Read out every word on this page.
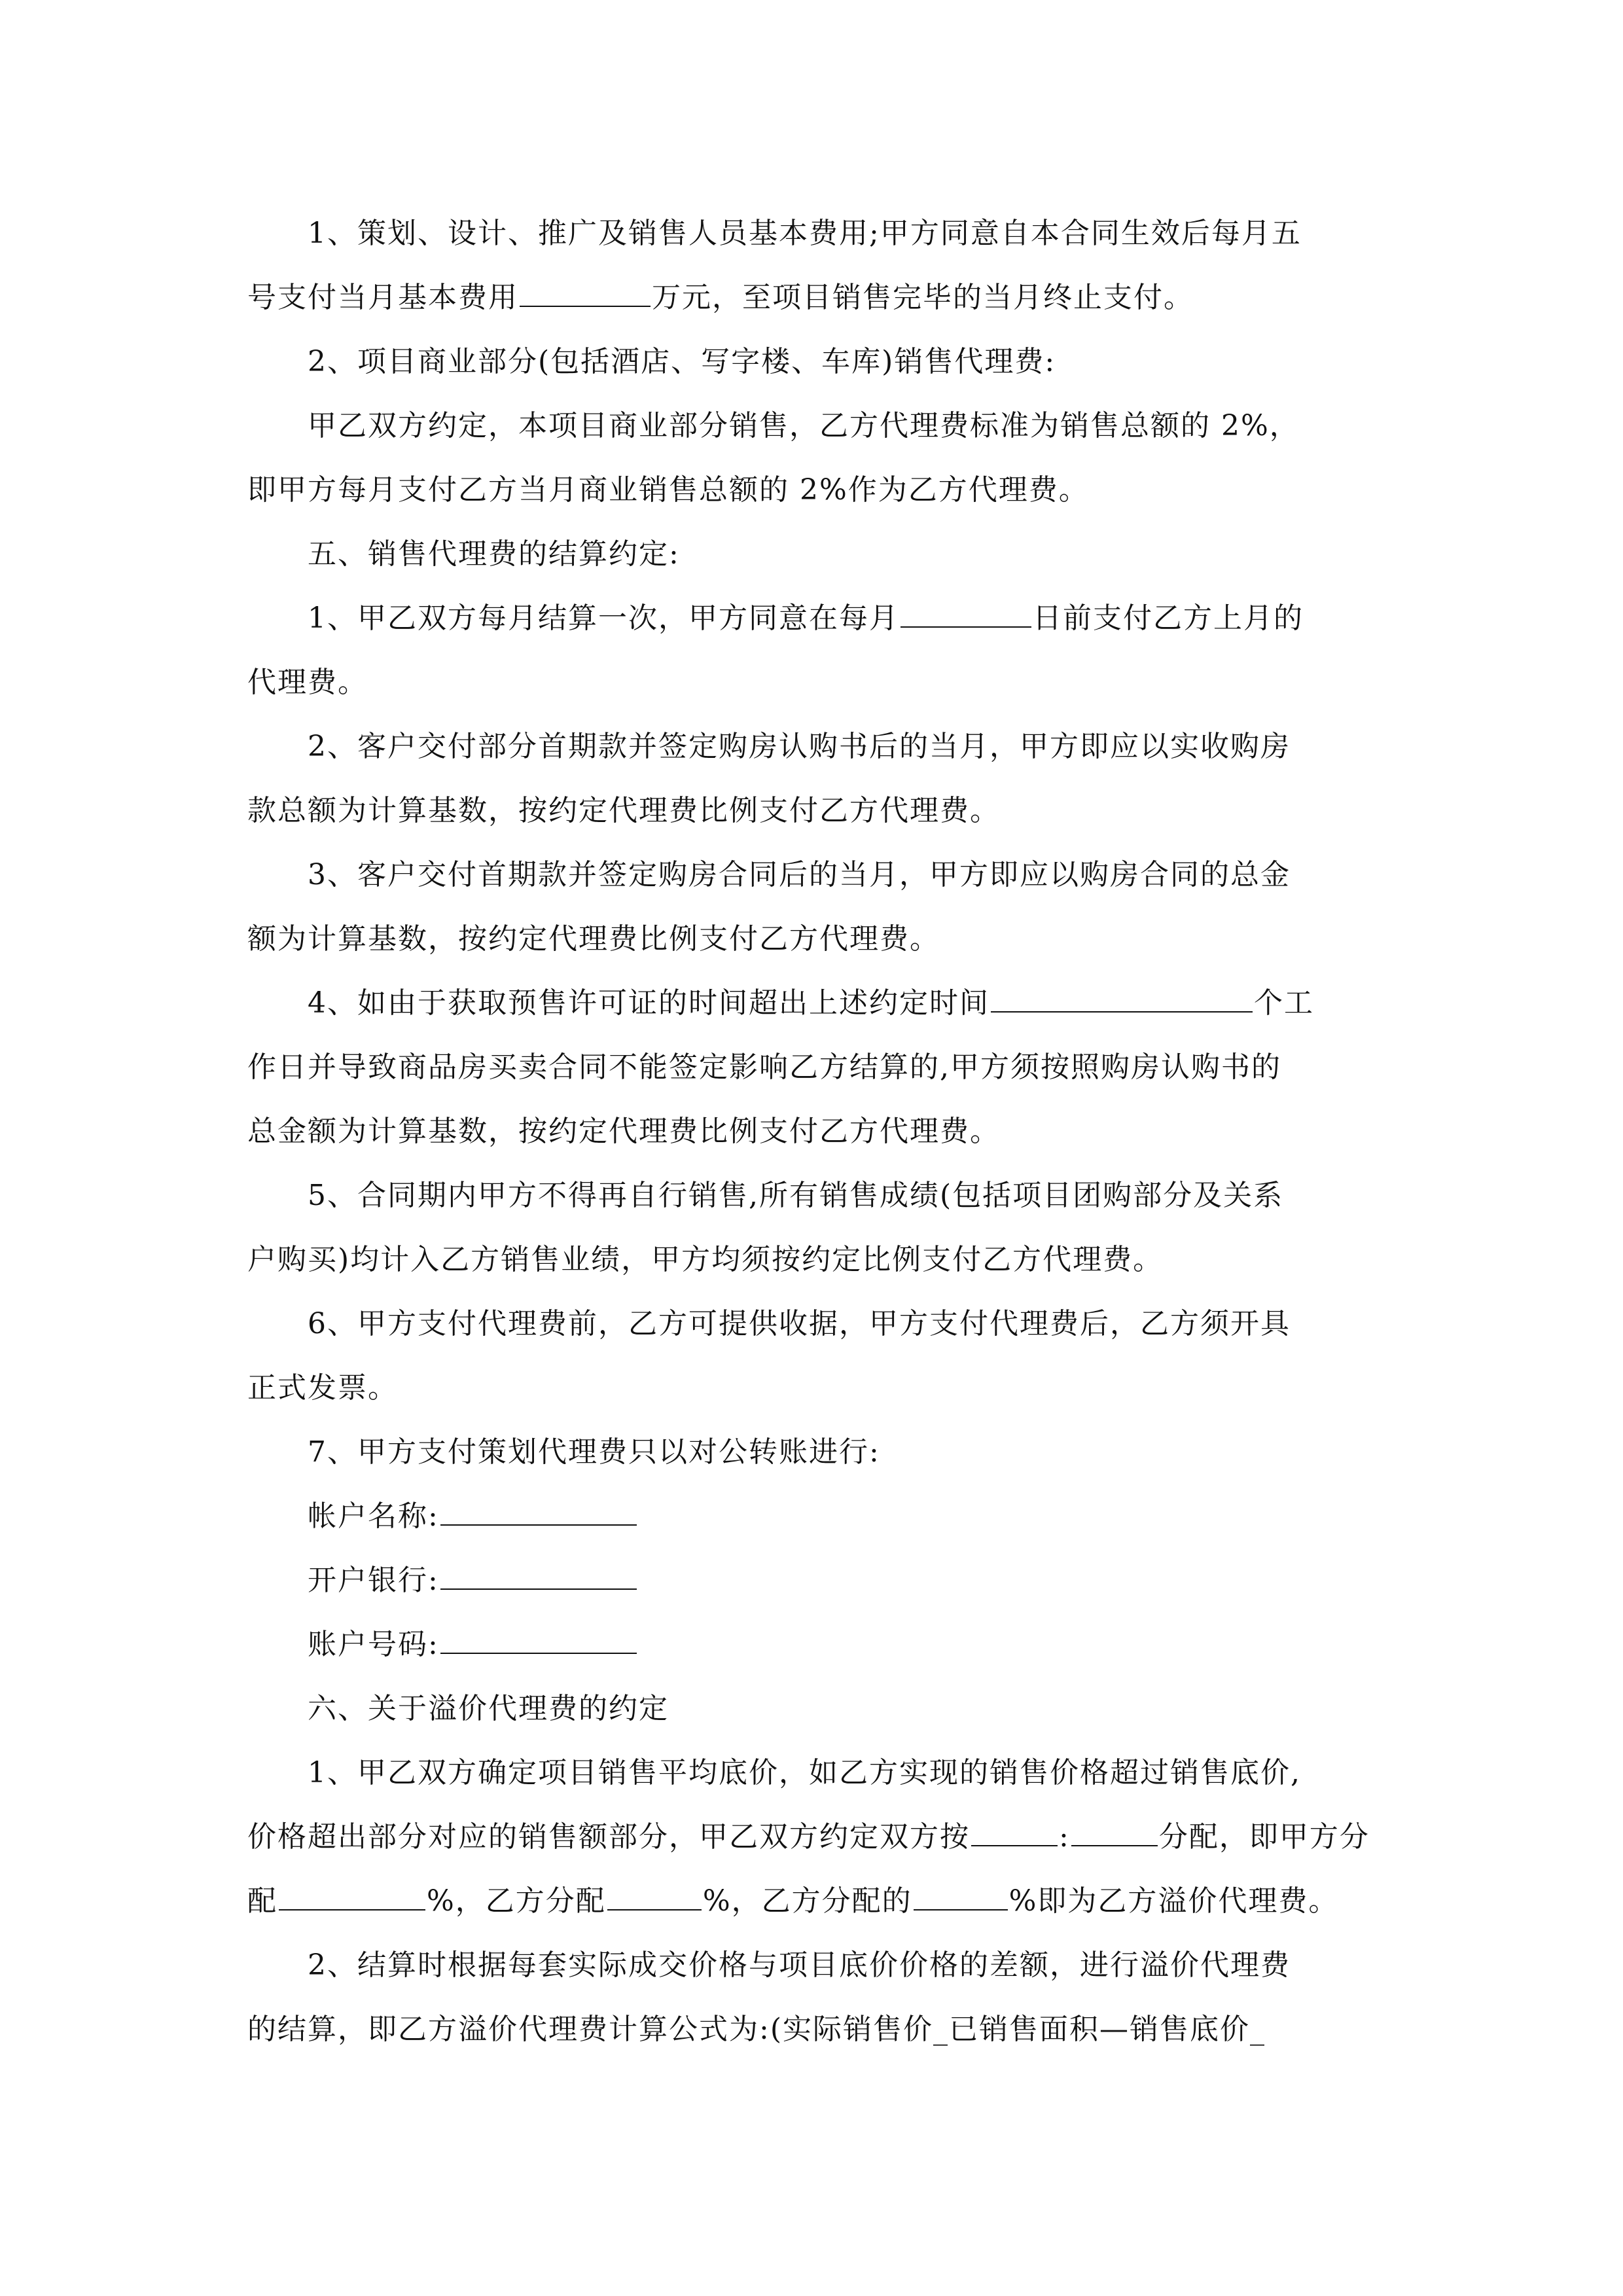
1、策划、设计、推广及销售人员基本费用;甲方同意自本合同生效后每月五

号支付当月基本费用	万元，至项目销售完毕的当月终止支付。

2、项目商业部分(包括酒店、写字楼、车库)销售代理费:

甲乙双方约定，本项目商业部分销售，乙方代理费标准为销售总额的 2%，

即甲方每月支付乙方当月商业销售总额的 2%作为乙方代理费。

五、销售代理费的结算约定:

1、甲乙双方每月结算一次，甲方同意在每月	日前支付乙方上月的

代理费。

2、客户交付部分首期款并签定购房认购书后的当月，甲方即应以实收购房

款总额为计算基数，按约定代理费比例支付乙方代理费。

3、客户交付首期款并签定购房合同后的当月，甲方即应以购房合同的总金

额为计算基数，按约定代理费比例支付乙方代理费。

4、如由于获取预售许可证的时间超出上述约定时间	个工

作日并导致商品房买卖合同不能签定影响乙方结算的,甲方须按照购房认购书的

总金额为计算基数，按约定代理费比例支付乙方代理费。

5、合同期内甲方不得再自行销售,所有销售成绩(包括项目团购部分及关系

户购买)均计入乙方销售业绩，甲方均须按约定比例支付乙方代理费。

6、甲方支付代理费前，乙方可提供收据，甲方支付代理费后，乙方须开具

正式发票。

7、甲方支付策划代理费只以对公转账进行:

帐户名称:

开户银行:

账户号码:

六、关于溢价代理费的约定

1、甲乙双方确定项目销售平均底价，如乙方实现的销售价格超过销售底价,

价格超出部分对应的销售额部分，甲乙双方约定双方按	:	分配，即甲方分

配	%，乙方分配	%，乙方分配的	%即为乙方溢价代理费。

2、结算时根据每套实际成交价格与项目底价价格的差额，进行溢价代理费

的结算，即乙方溢价代理费计算公式为:(实际销售价_已销售面积—销售底价_
